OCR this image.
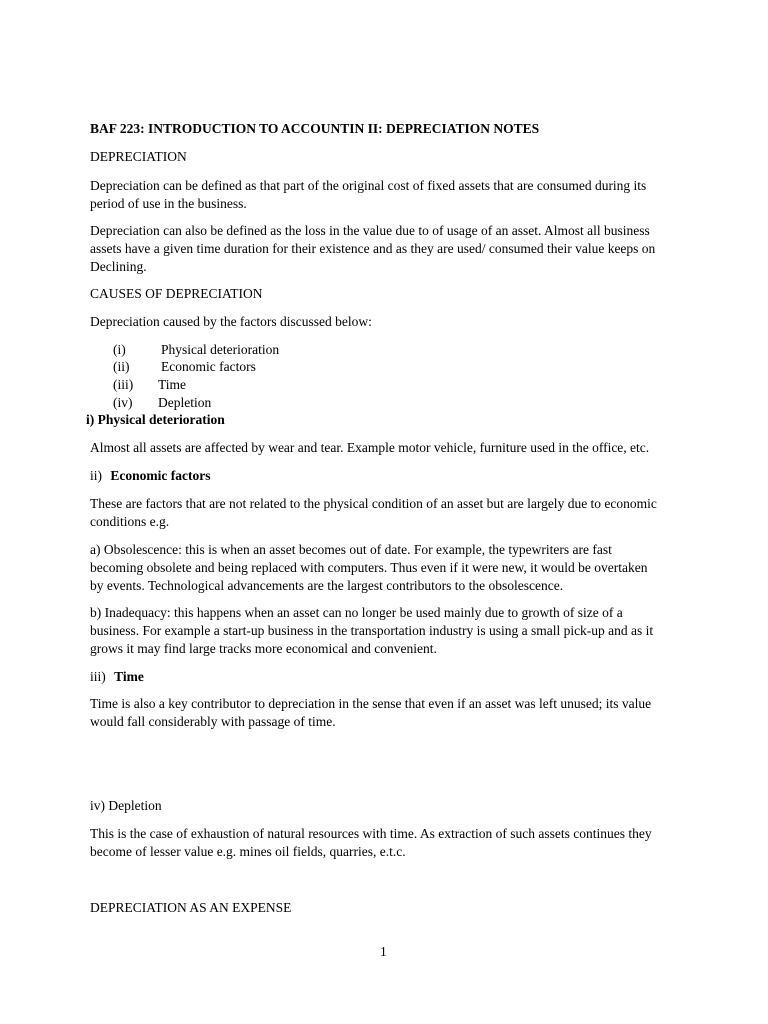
BAF 223: INTRODUCTION TO ACCOUNTIN II: DEPRECIATION NOTES
DEPRECIATION
Depreciation can be defined as that part of the original cost of fixed assets that are consumed during its
period of use in the business.
Depreciation can also be defined as the loss in the value due to of usage of an asset. Almost all business
assets have a given time duration for their existence and as they are used/ consumed their value keeps on
Declining.
CAUSES OF DEPRECIATION
Depreciation caused by the factors discussed below:
(i)	Physical deterioration
(ii) Economic factors
(iii) Time
(iv) Depletion
i) Physical deterioration
Almost all assets are affected by wear and tear. Example motor vehicle, furniture used in the office, etc.
ii) Economic factors
These are factors that are not related to the physical condition of an asset but are largely due to economic
conditions e.g.
a) Obsolescence: this is when an asset becomes out of date. For example, the typewriters are fast
becoming obsolete and being replaced with computers. Thus even if it were new, it would be overtaken
by events. Technological advancements are the largest contributors to the obsolescence.
b) Inadequacy: this happens when an asset can no longer be used mainly due to growth of size of a
business. For example a start-up business in the transportation industry is using a small pick-up and as it
grows it may find large tracks more economical and convenient.
iii) Time
Time is also a key contributor to depreciation in the sense that even if an asset was left unused; its value
would fall considerably with passage of time.
iv) Depletion
This is the case of exhaustion of natural resources with time. As extraction of such assets continues they
become of lesser value e.g. mines oil fields, quarries, e.t.c.
DEPRECIATION AS AN EXPENSE
1
